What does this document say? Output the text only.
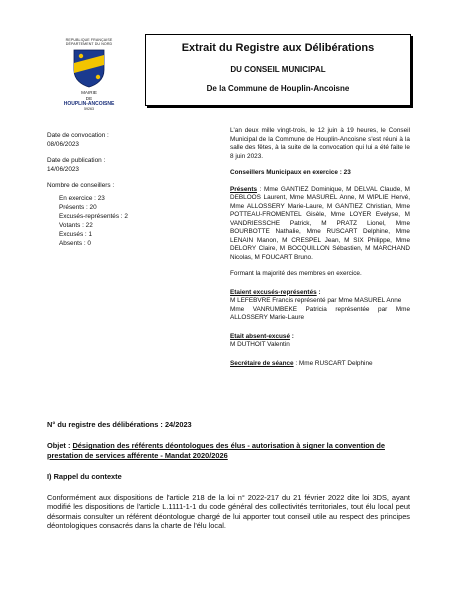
REPUBLIQUE FRANÇAISE
DÉPARTEMENT DU NORD
MAIRIE
DE
HOUPLIN-ANCOISNE
59263
Extrait du Registre aux Délibérations
DU CONSEIL MUNICIPAL
De la Commune de Houplin-Ancoisne
Date de convocation :
08/06/2023
Date de publication :
14/06/2023
Nombre de conseillers :
En exercice : 23
Présents : 20
Excusés-représentés : 2
Votants : 22
Excusés : 1
Absents : 0

L'an deux mille vingt-trois, le 12 juin à 19 heures, le Conseil Municipal de la Commune de Houplin-Ancoisne s'est réuni à la salle des fêtes, à la suite de la convocation qui lui a été faite le 8 juin 2023.

Conseillers Municipaux en exercice : 23

Présents : Mme GANTIEZ Dominique, M DELVAL Claude, M DEBLOOS Laurent, Mme MASUREL Anne, M WIPLIE Hervé, Mme ALLOSSERY Marie-Laure, M GANTIEZ Christian, Mme POTTEAU-FROMENTEL Gisèle, Mme LOYER Evelyse, M VANDRIESSCHE Patrick, M PRATZ Lionel, Mme BOURBOTTE Nathalie, Mme RUSCART Delphine, Mme LENAIN Manon, M CRESPEL Jean, M SIX Philippe, Mme DELORY Claire, M BOCQUILLON Sébastien, M MARCHAND Nicolas, M FOUCART Bruno.

Formant la majorité des membres en exercice.

Etaient excusés-représentés :

M LEFEBVRE Francis représenté par Mme MASUREL Anne

Mme VANRUMBEKE Patricia représentée par Mme ALLOSSERY Marie-Laure

Etait absent-excusé :

M DUTHOIT Valentin

Secrétaire de séance : Mme RUSCART Delphine

N° du registre des délibérations : 24/2023

Objet : Désignation des référents déontologues des élus - autorisation à signer la convention de prestation de services afférente - Mandat 2020/2026

I) Rappel du contexte

Conformément aux dispositions de l'article 218 de la loi n° 2022-217 du 21 février 2022 dite loi 3DS, ayant modifié les dispositions de l'article L.1111-1-1 du code général des collectivités territoriales, tout élu local peut désormais consulter un référent déontologue chargé de lui apporter tout conseil utile au respect des principes déontologiques consacrés dans la charte de l'élu local.
